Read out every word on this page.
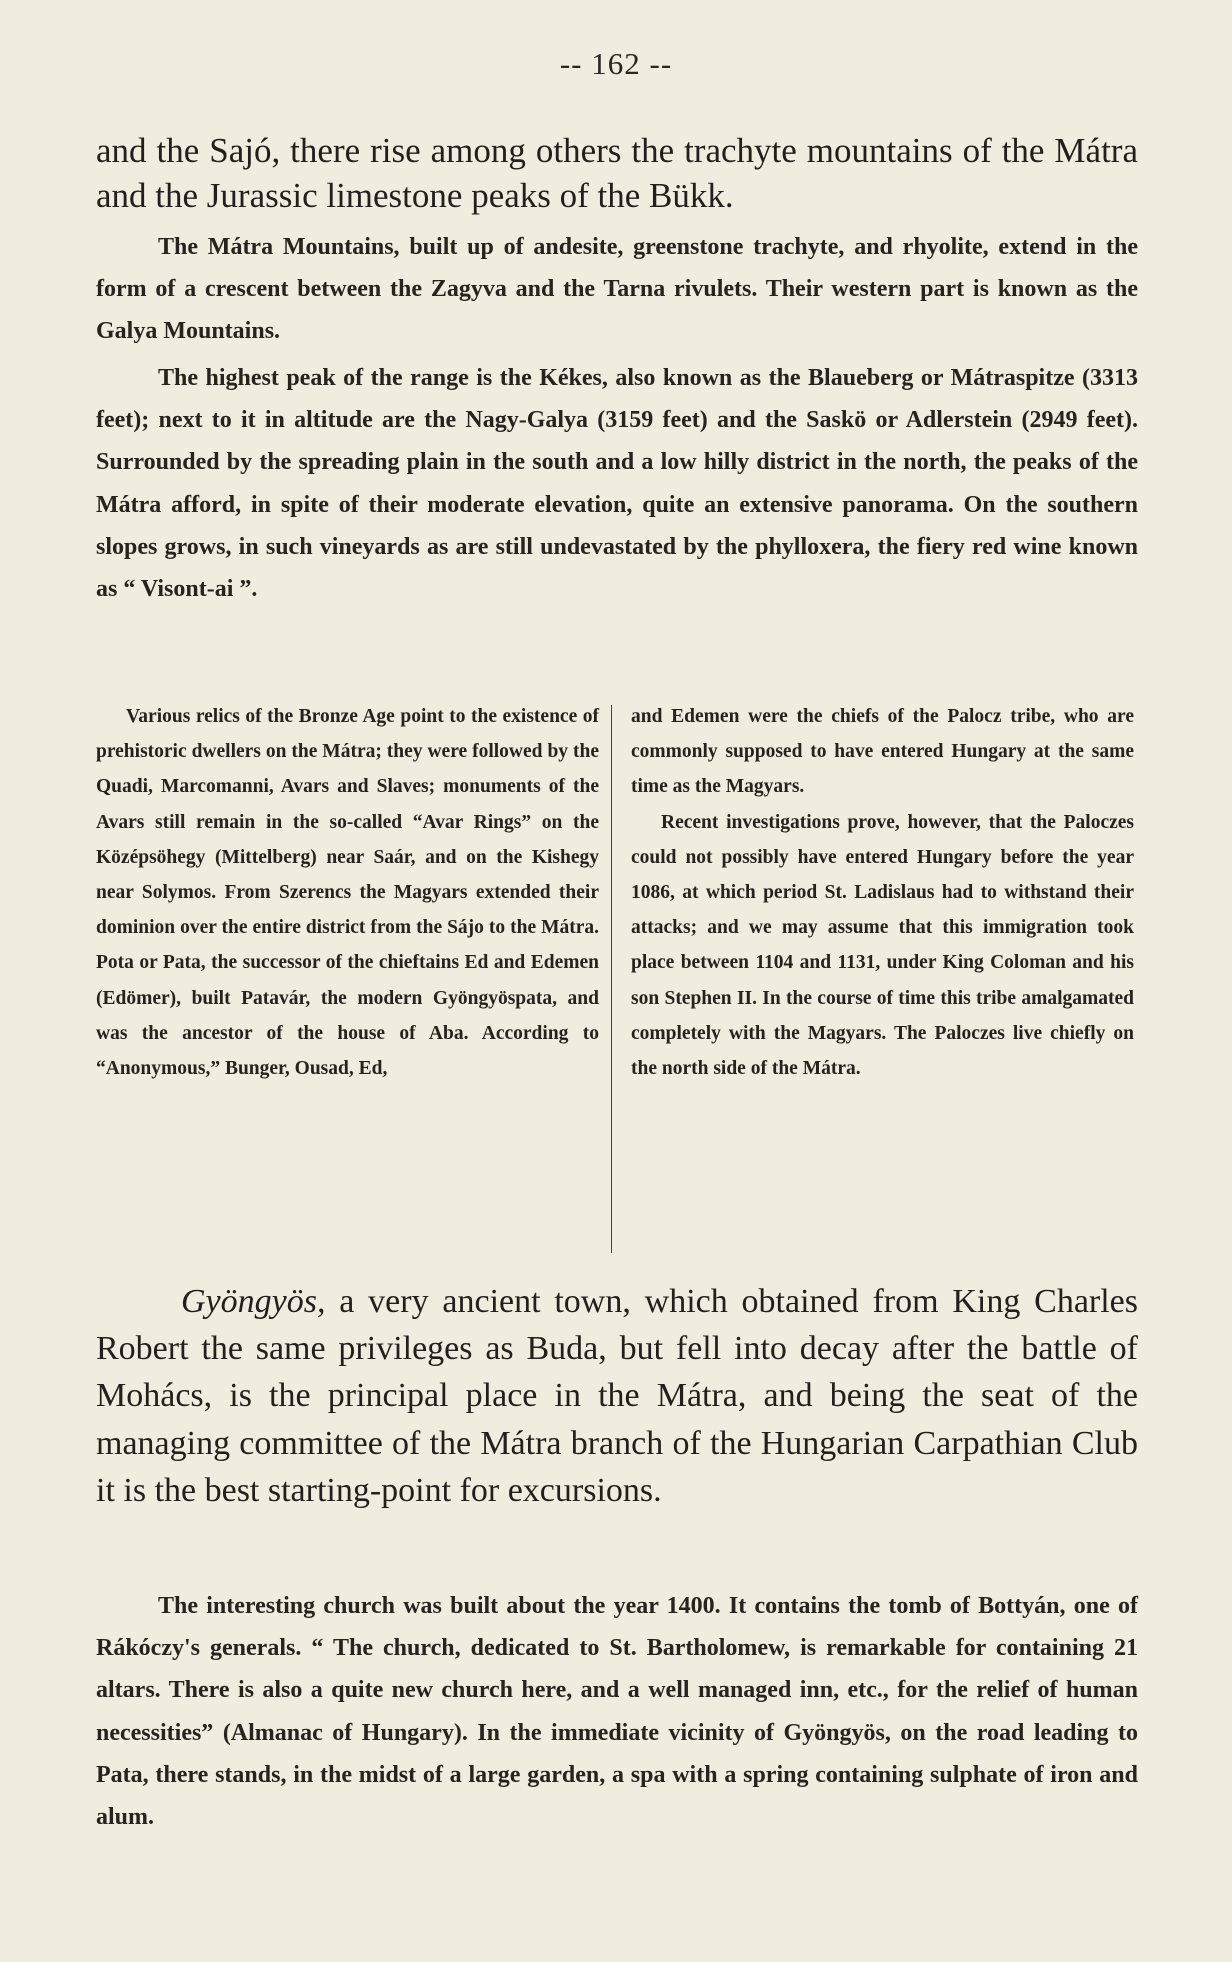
-- 162 --

and the Sajó, there rise among others the trachyte mountains of the Mátra and the Jurassic limestone peaks of the Bükk.

The Mátra Mountains, built up of andesite, greenstone trachyte, and rhyolite, extend in the form of a crescent between the Zagyva and the Tarna rivulets. Their western part is known as the Galya Mountains.

The highest peak of the range is the Kékes, also known as the Blaueberg or Mátraspitze (3313 feet); next to it in altitude are the Nagy-Galya (3159 feet) and the Saskö or Adlerstein (2949 feet). Surrounded by the spreading plain in the south and a low hilly district in the north, the peaks of the Mátra afford, in spite of their moderate elevation, quite an extensive panorama. On the southern slopes grows, in such vineyards as are still undevastated by the phylloxera, the fiery red wine known as “ Visont-ai ”.

Various relics of the Bronze Age point to the existence of prehistoric dwellers on the Mátra; they were followed by the Quadi, Marcomanni, Avars and Slaves; monuments of the Avars still remain in the so-called “Avar Rings” on the Középsöhegy (Mittelberg) near Saár, and on the Kishegy near Solymos. From Szerencs the Magyars extended their dominion over the entire district from the Sájo to the Mátra. Pota or Pata, the successor of the chieftains Ed and Edemen (Edömer), built Patavár, the modern Gyöngyöspata, and was the ancestor of the house of Aba. According to “Anonymous,” Bunger, Ousad, Ed,

and Edemen were the chiefs of the Palocz tribe, who are commonly supposed to have entered Hungary at the same time as the Magyars.

Recent investigations prove, however, that the Paloczes could not possibly have entered Hungary before the year 1086, at which period St. Ladislaus had to withstand their attacks; and we may assume that this immigration took place between 1104 and 1131, under King Coloman and his son Stephen II. In the course of time this tribe amalgamated completely with the Magyars. The Paloczes live chiefly on the north side of the Mátra.

Gyöngyös, a very ancient town, which obtained from King Charles Robert the same privileges as Buda, but fell into decay after the battle of Mohács, is the principal place in the Mátra, and being the seat of the managing committee of the Mátra branch of the Hungarian Carpathian Club it is the best starting-point for excursions.

The interesting church was built about the year 1400. It contains the tomb of Bottyán, one of Rákóczy's generals. “ The church, dedicated to St. Bartholomew, is remarkable for containing 21 altars. There is also a quite new church here, and a well managed inn, etc., for the relief of human necessities” (Almanac of Hungary). In the immediate vicinity of Gyöngyös, on the road leading to Pata, there stands, in the midst of a large garden, a spa with a spring containing sulphate of iron and alum.
